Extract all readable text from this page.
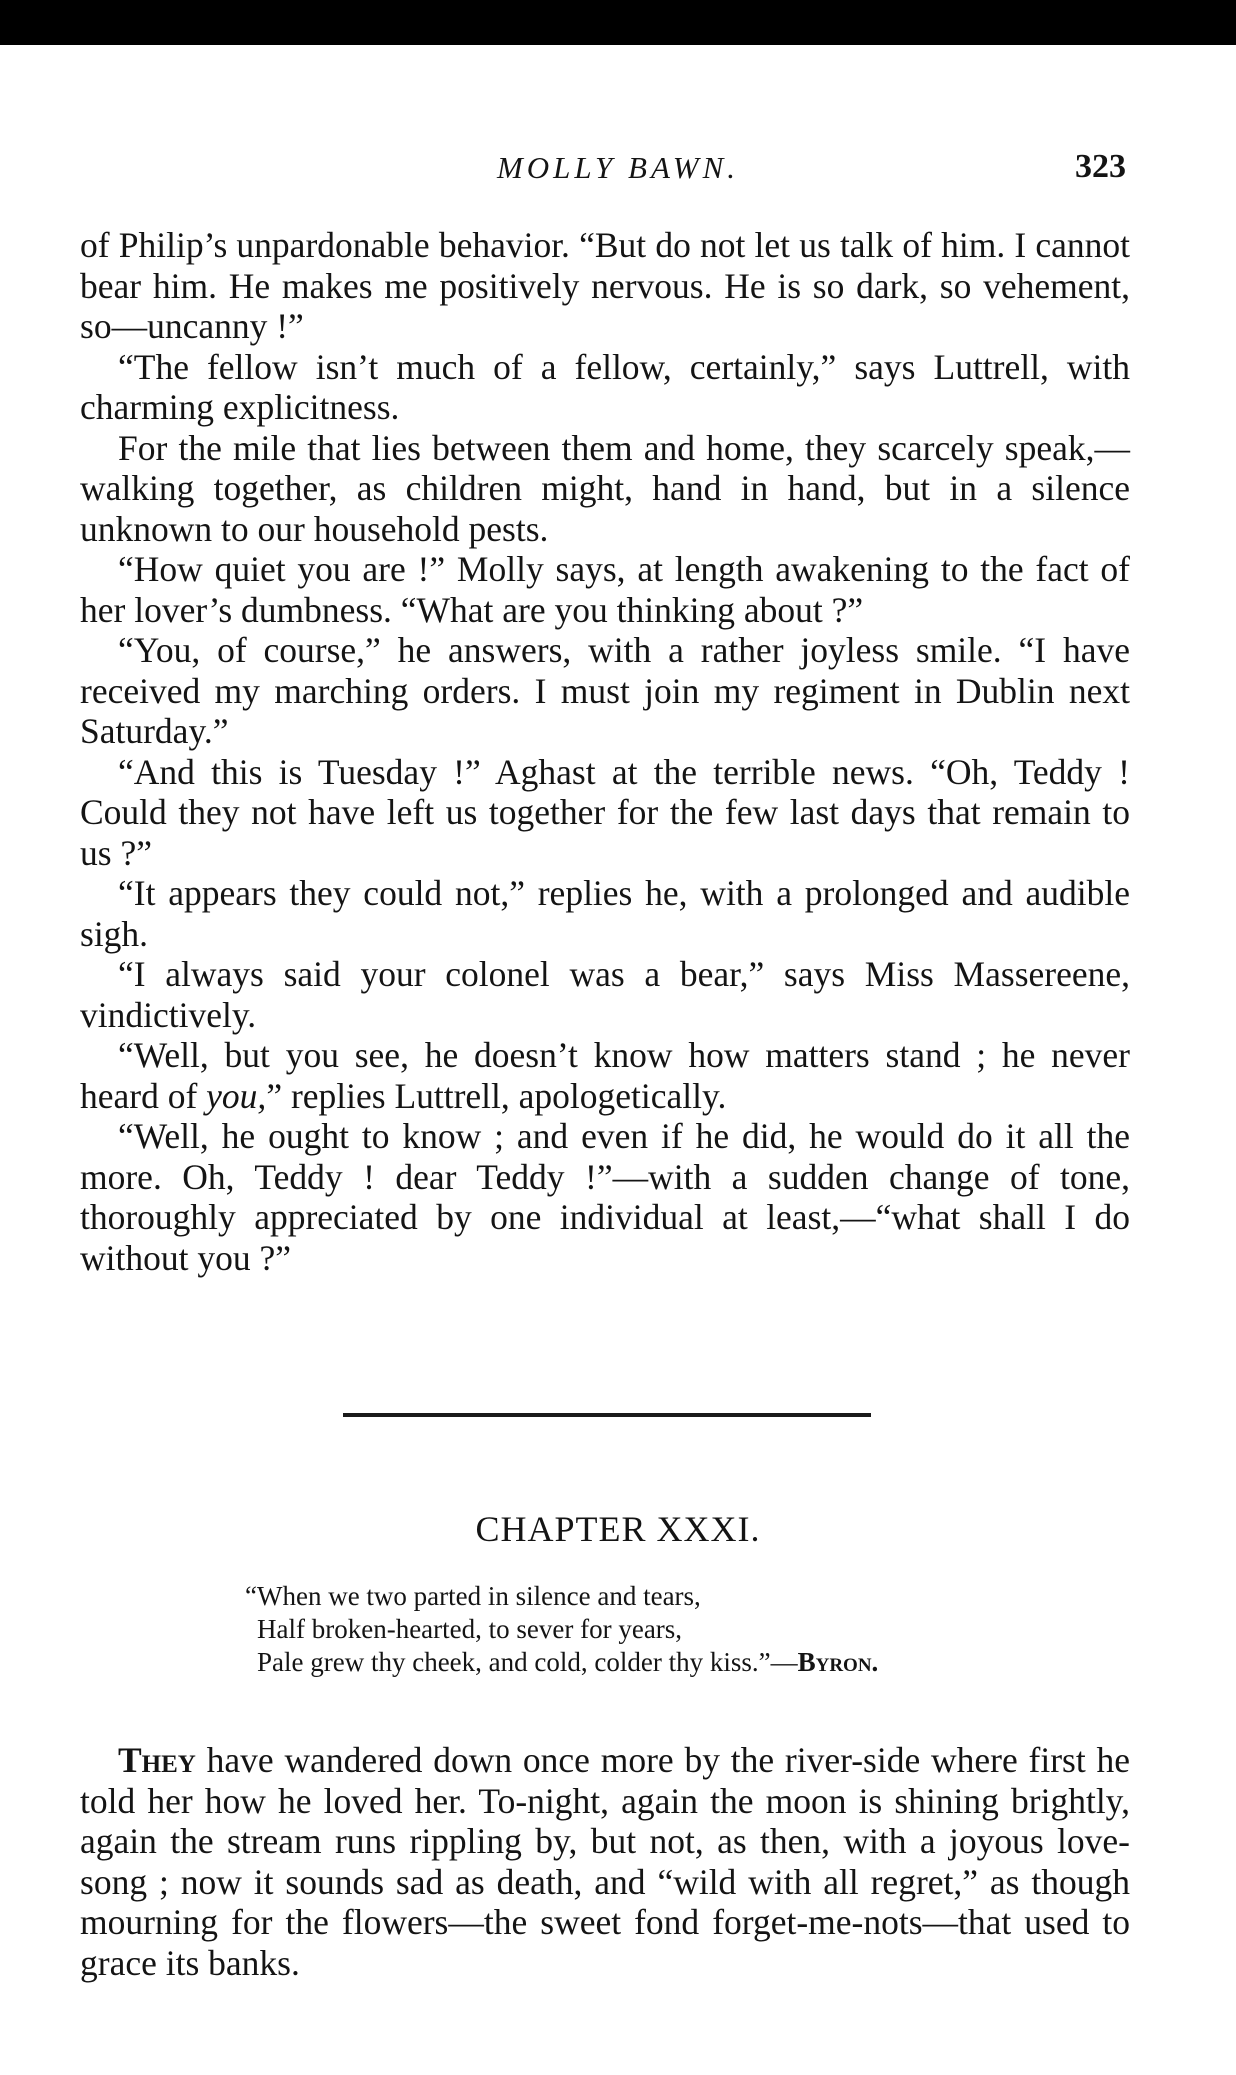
MOLLY BAWN.	323

of Philip’s unpardonable behavior. “But do not let us talk of him. I cannot bear him. He makes me positively nervous. He is so dark, so vehement, so—uncanny !”

“The fellow isn’t much of a fellow, certainly,” says Luttrell, with charming explicitness.

For the mile that lies between them and home, they scarcely speak,—walking together, as children might, hand in hand, but in a silence unknown to our household pests.

“How quiet you are !” Molly says, at length awakening to the fact of her lover’s dumbness. “What are you thinking about ?”

“You, of course,” he answers, with a rather joyless smile. “I have received my marching orders. I must join my regiment in Dublin next Saturday.”

“And this is Tuesday !” Aghast at the terrible news. “Oh, Teddy ! Could they not have left us together for the few last days that remain to us ?”

“It appears they could not,” replies he, with a prolonged and audible sigh.

“I always said your colonel was a bear,” says Miss Massereene, vindictively.

“Well, but you see, he doesn’t know how matters stand ; he never heard of you,” replies Luttrell, apologetically.

“Well, he ought to know ; and even if he did, he would do it all the more. Oh, Teddy ! dear Teddy !”—with a sudden change of tone, thoroughly appreciated by one individual at least,—“what shall I do without you ?”

CHAPTER XXXI.
“When we two parted in silence and tears,
Half broken-hearted, to sever for years,
Pale grew thy cheek, and cold, colder thy kiss.”—Byron.

They have wandered down once more by the river-side where first he told her how he loved her. To-night, again the moon is shining brightly, again the stream runs rippling by, but not, as then, with a joyous love-song ; now it sounds sad as death, and “wild with all regret,” as though mourning for the flowers—the sweet fond forget-me-nots—that used to grace its banks.
